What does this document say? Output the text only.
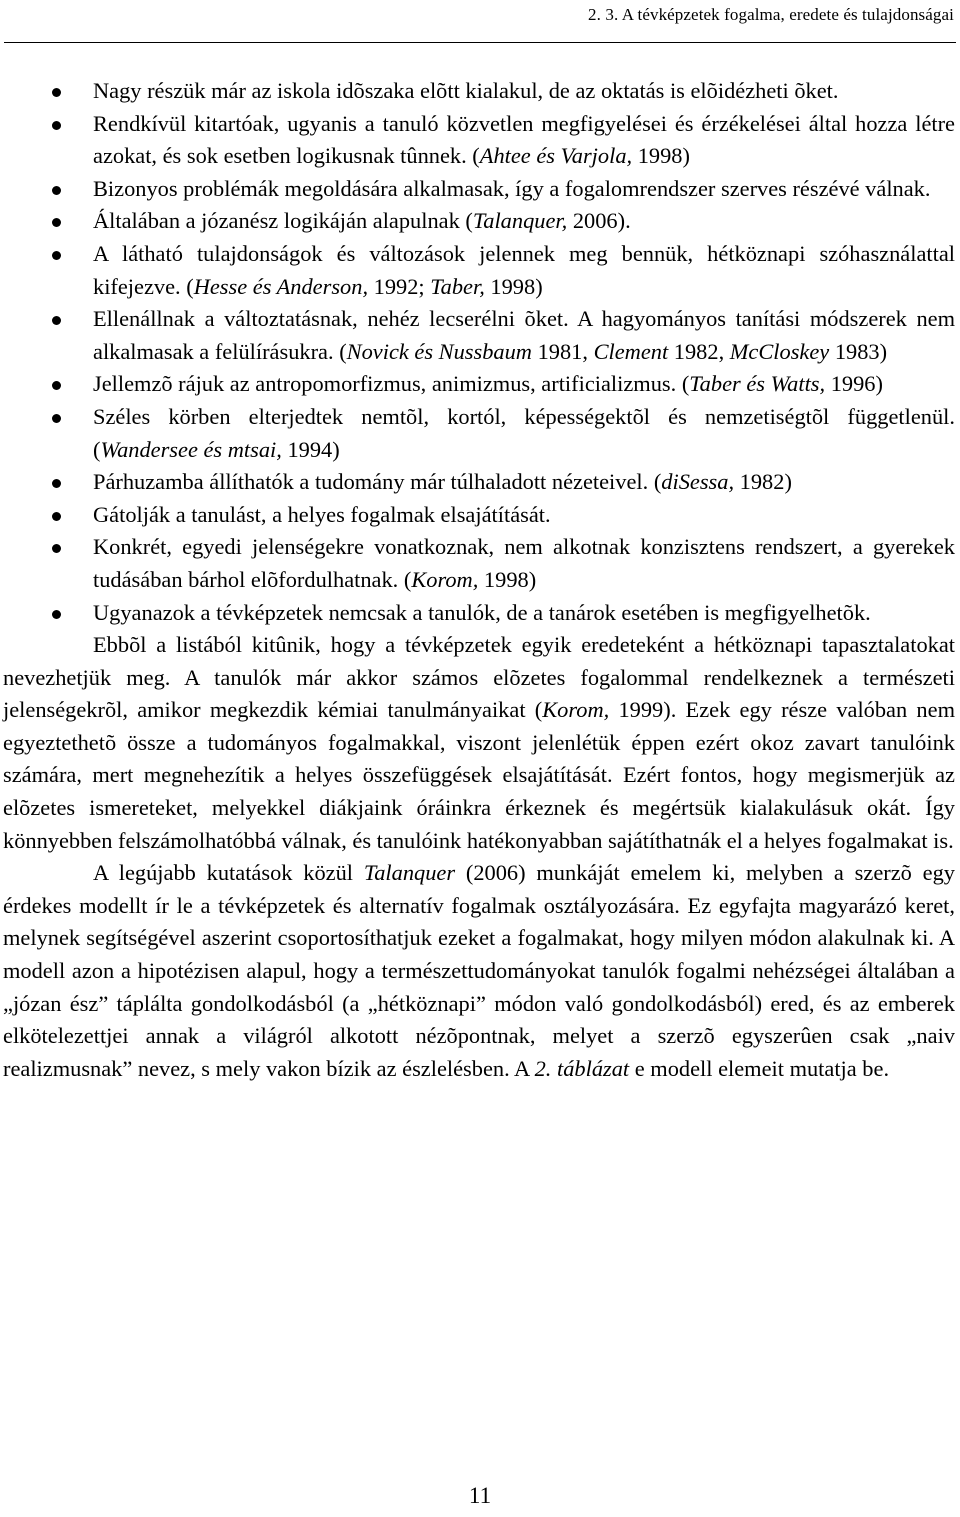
2. 3. A tévképzetek fogalma, eredete és tulajdonságai
Nagy részük már az iskola idõszaka elõtt kialakul, de az oktatás is elõidézheti õket.
Rendkívül kitartóak, ugyanis a tanuló közvetlen megfigyelései és érzékelései által hozza létre azokat, és sok esetben logikusnak tûnnek. (Ahtee és Varjola, 1998)
Bizonyos problémák megoldására alkalmasak, így a fogalomrendszer szerves részévé válnak.
Általában a józanész logikáján alapulnak (Talanquer, 2006).
A látható tulajdonságok és változások jelennek meg bennük, hétköznapi szóhasználattal kifejezve. (Hesse és Anderson, 1992; Taber, 1998)
Ellenállnak a változtatásnak, nehéz lecserélni õket. A hagyományos tanítási módszerek nem alkalmasak a felülírásukra. (Novick és Nussbaum 1981, Clement 1982, McCloskey 1983)
Jellemzõ rájuk az antropomorfizmus, animizmus, artificializmus. (Taber és Watts, 1996)
Széles körben elterjedtek nemtõl, kortól, képességektõl és nemzetiségtõl függetlenül.(Wandersee és mtsai, 1994)
Párhuzamba állíthatók a tudomány már túlhaladott nézeteivel. (diSessa, 1982)
Gátolják a tanulást, a helyes fogalmak elsajátítását.
Konkrét, egyedi jelenségekre vonatkoznak, nem alkotnak konzisztens rendszert, a gyerekek tudásában bárhol elõfordulhatnak. (Korom, 1998)
Ugyanazok a tévképzetek nemcsak a tanulók, de a tanárok esetében is megfigyelhetõk.

Ebbõl a listából kitûnik, hogy a tévképzetek egyik eredeteként a hétköznapi tapasztalatokat nevezhetjük meg. A tanulók már akkor számos elõzetes fogalommal rendelkeznek a természeti jelenségekrõl, amikor megkezdik kémiai tanulmányaikat (Korom, 1999). Ezek egy része valóban nem egyeztethetõ össze a tudományos fogalmakkal, viszont jelenlétük éppen ezért okoz zavart tanulóink számára, mert megnehezítik a helyes összefüggések elsajátítását. Ezért fontos, hogy megismerjük az elõzetes ismereteket, melyekkel diákjaink óráinkra érkeznek és megértsük kialakulásuk okát. Így könnyebben felszámolhatóbbá válnak, és tanulóink hatékonyabban sajátíthatnák el a helyes fogalmakat is.

A legújabb kutatások közül Talanquer (2006) munkáját emelem ki, melyben a szerzõ egy érdekes modellt ír le a tévképzetek és alternatív fogalmak osztályozására. Ez egyfajta magyarázó keret, melynek segítségével aszerint csoportosíthatjuk ezeket a fogalmakat, hogy milyen módon alakulnak ki. A modell azon a hipotézisen alapul, hogy a természettudományokat tanulók fogalmi nehézségei általában a „józan ész” táplálta gondolkodásból (a „hétköznapi” módon való gondolkodásból) ered, és az emberek elkötelezettjei annak a világról alkotott nézõpontnak, melyet a szerzõ egyszerûen csak „naiv realizmusnak” nevez, s mely vakon bízik az észlelésben. A 2. táblázat e modell elemeit mutatja be.

11
